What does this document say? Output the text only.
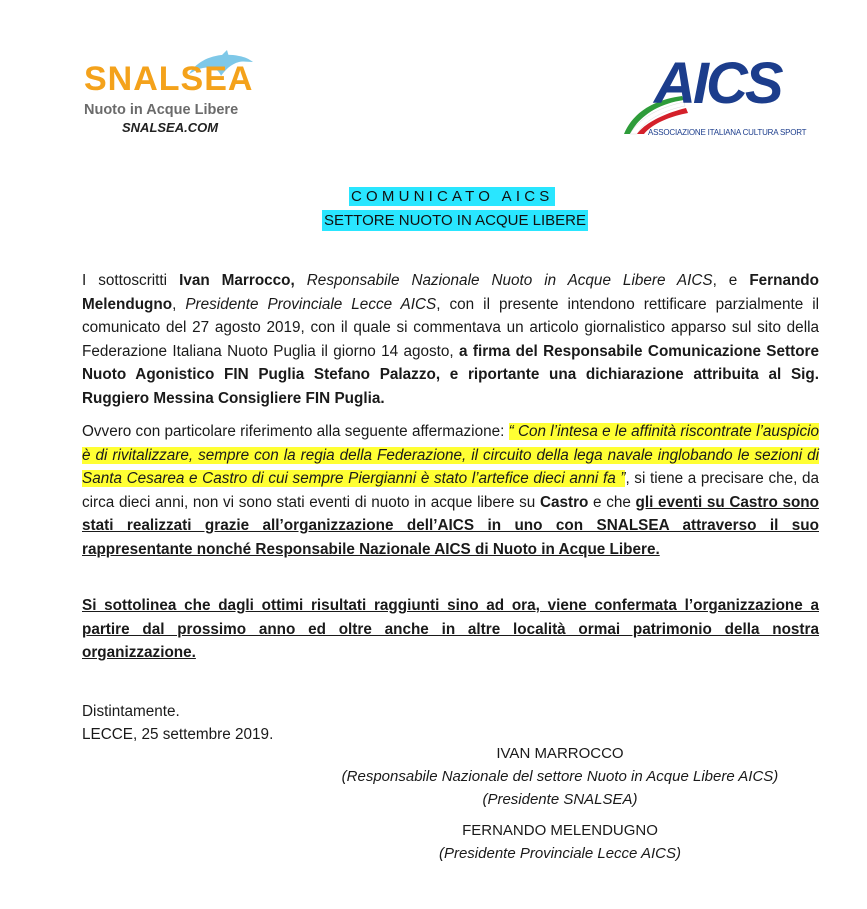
SNALSEA
Nuoto in Acque Libere
SNALSEA.COM
AICS
ASSOCIAZIONE ITALIANA CULTURA SPORT
COMUNICATO AICS
SETTORE NUOTO IN ACQUE LIBERE
I sottoscritti Ivan Marrocco, Responsabile Nazionale Nuoto in Acque Libere AICS, e Fernando Melendugno, Presidente Provinciale Lecce AICS, con il presente intendono rettificare parzialmente il comunicato del 27 agosto 2019, con il quale si commentava un articolo giornalistico apparso sul sito della Federazione Italiana Nuoto Puglia il giorno 14 agosto, a firma del Responsabile Comunicazione Settore Nuoto Agonistico FIN Puglia Stefano Palazzo, e riportante una dichiarazione attribuita al Sig. Ruggiero Messina Consigliere FIN Puglia.
Ovvero con particolare riferimento alla seguente affermazione: “ Con l’intesa e le affinità riscontrate l’auspicio è di rivitalizzare, sempre con la regia della Federazione, il circuito della lega navale inglobando le sezioni di Santa Cesarea e Castro di cui sempre Piergianni è stato l’artefice dieci anni fa ”, si tiene a precisare che, da circa dieci anni, non vi sono stati eventi di nuoto in acque libere su Castro e che gli eventi su Castro sono stati realizzati grazie all’organizzazione dell’AICS in uno con SNALSEA attraverso il suo rappresentante nonché Responsabile Nazionale AICS di Nuoto in Acque Libere.
Si sottolinea che dagli ottimi risultati raggiunti sino ad ora, viene confermata l’organizzazione a partire dal prossimo anno ed oltre anche in altre località ormai patrimonio della nostra organizzazione.
Distintamente.
LECCE, 25 settembre 2019.
IVAN MARROCCO
(Responsabile Nazionale del settore Nuoto in Acque Libere AICS)
(Presidente SNALSEA)
FERNANDO MELENDUGNO
(Presidente Provinciale Lecce AICS)
